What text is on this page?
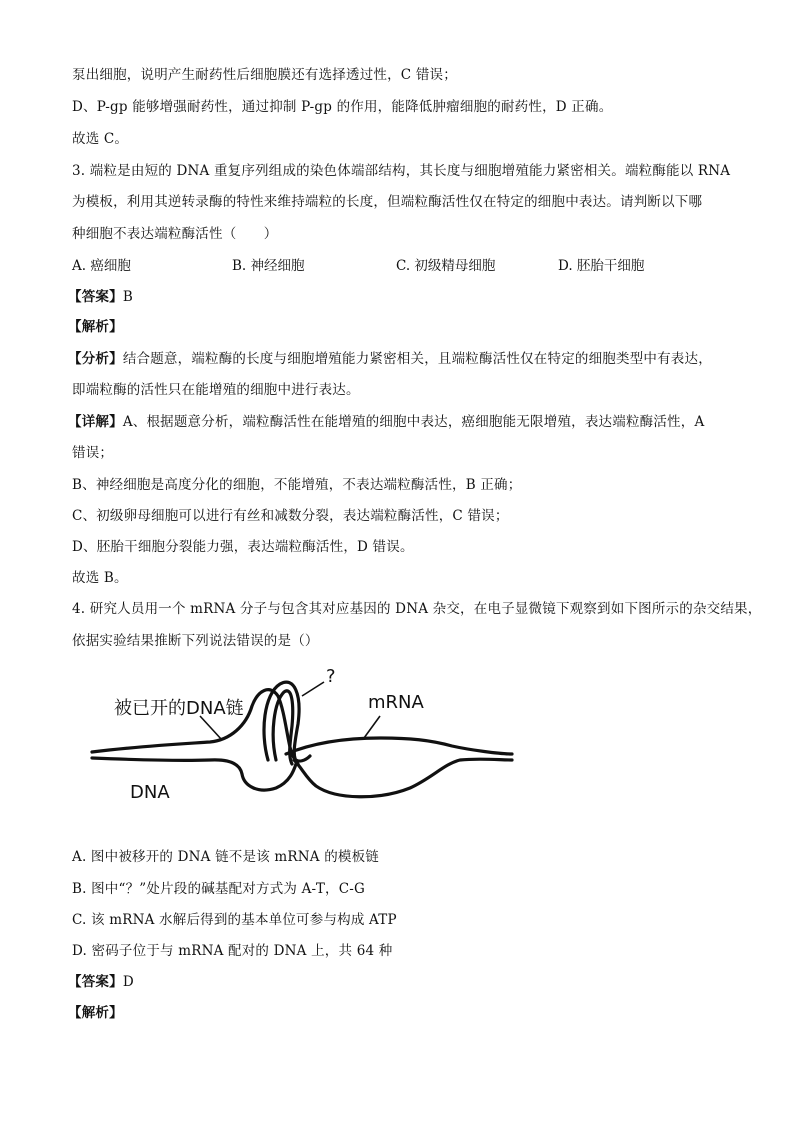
泵出细胞，说明产生耐药性后细胞膜还有选择透过性，C 错误；
D、P-gp 能够增强耐药性，通过抑制 P-gp 的作用，能降低肿瘤细胞的耐药性，D 正确。
故选 C。
3. 端粒是由短的 DNA 重复序列组成的染色体端部结构，其长度与细胞增殖能力紧密相关。端粒酶能以 RNA
为模板，利用其逆转录酶的特性来维持端粒的长度，但端粒酶活性仅在特定的细胞中表达。请判断以下哪
种细胞不表达端粒酶活性（　　）
A. 癌细胞	B. 神经细胞	C. 初级精母细胞	D. 胚胎干细胞
【答案】B
【解析】
【分析】结合题意，端粒酶的长度与细胞增殖能力紧密相关，且端粒酶活性仅在特定的细胞类型中有表达，
即端粒酶的活性只在能增殖的细胞中进行表达。
【详解】A、根据题意分析，端粒酶活性在能增殖的细胞中表达，癌细胞能无限增殖，表达端粒酶活性，A
错误；
B、神经细胞是高度分化的细胞，不能增殖，不表达端粒酶活性，B 正确；
C、初级卵母细胞可以进行有丝和减数分裂，表达端粒酶活性，C 错误；
D、胚胎干细胞分裂能力强，表达端粒酶活性，D 错误。
故选 B。
4. 研究人员用一个 mRNA 分子与包含其对应基因的 DNA 杂交，在电子显微镜下观察到如下图所示的杂交结果，
依据实验结果推断下列说法错误的是（）
被已开的DNA链
?
mRNA
DNA
A. 图中被移开的 DNA 链不是该 mRNA 的模板链
B. 图中“？”处片段的碱基配对方式为 A-T，C-G
C. 该 mRNA 水解后得到的基本单位可参与构成 ATP
D. 密码子位于与 mRNA 配对的 DNA 上，共 64 种
【答案】D
【解析】
